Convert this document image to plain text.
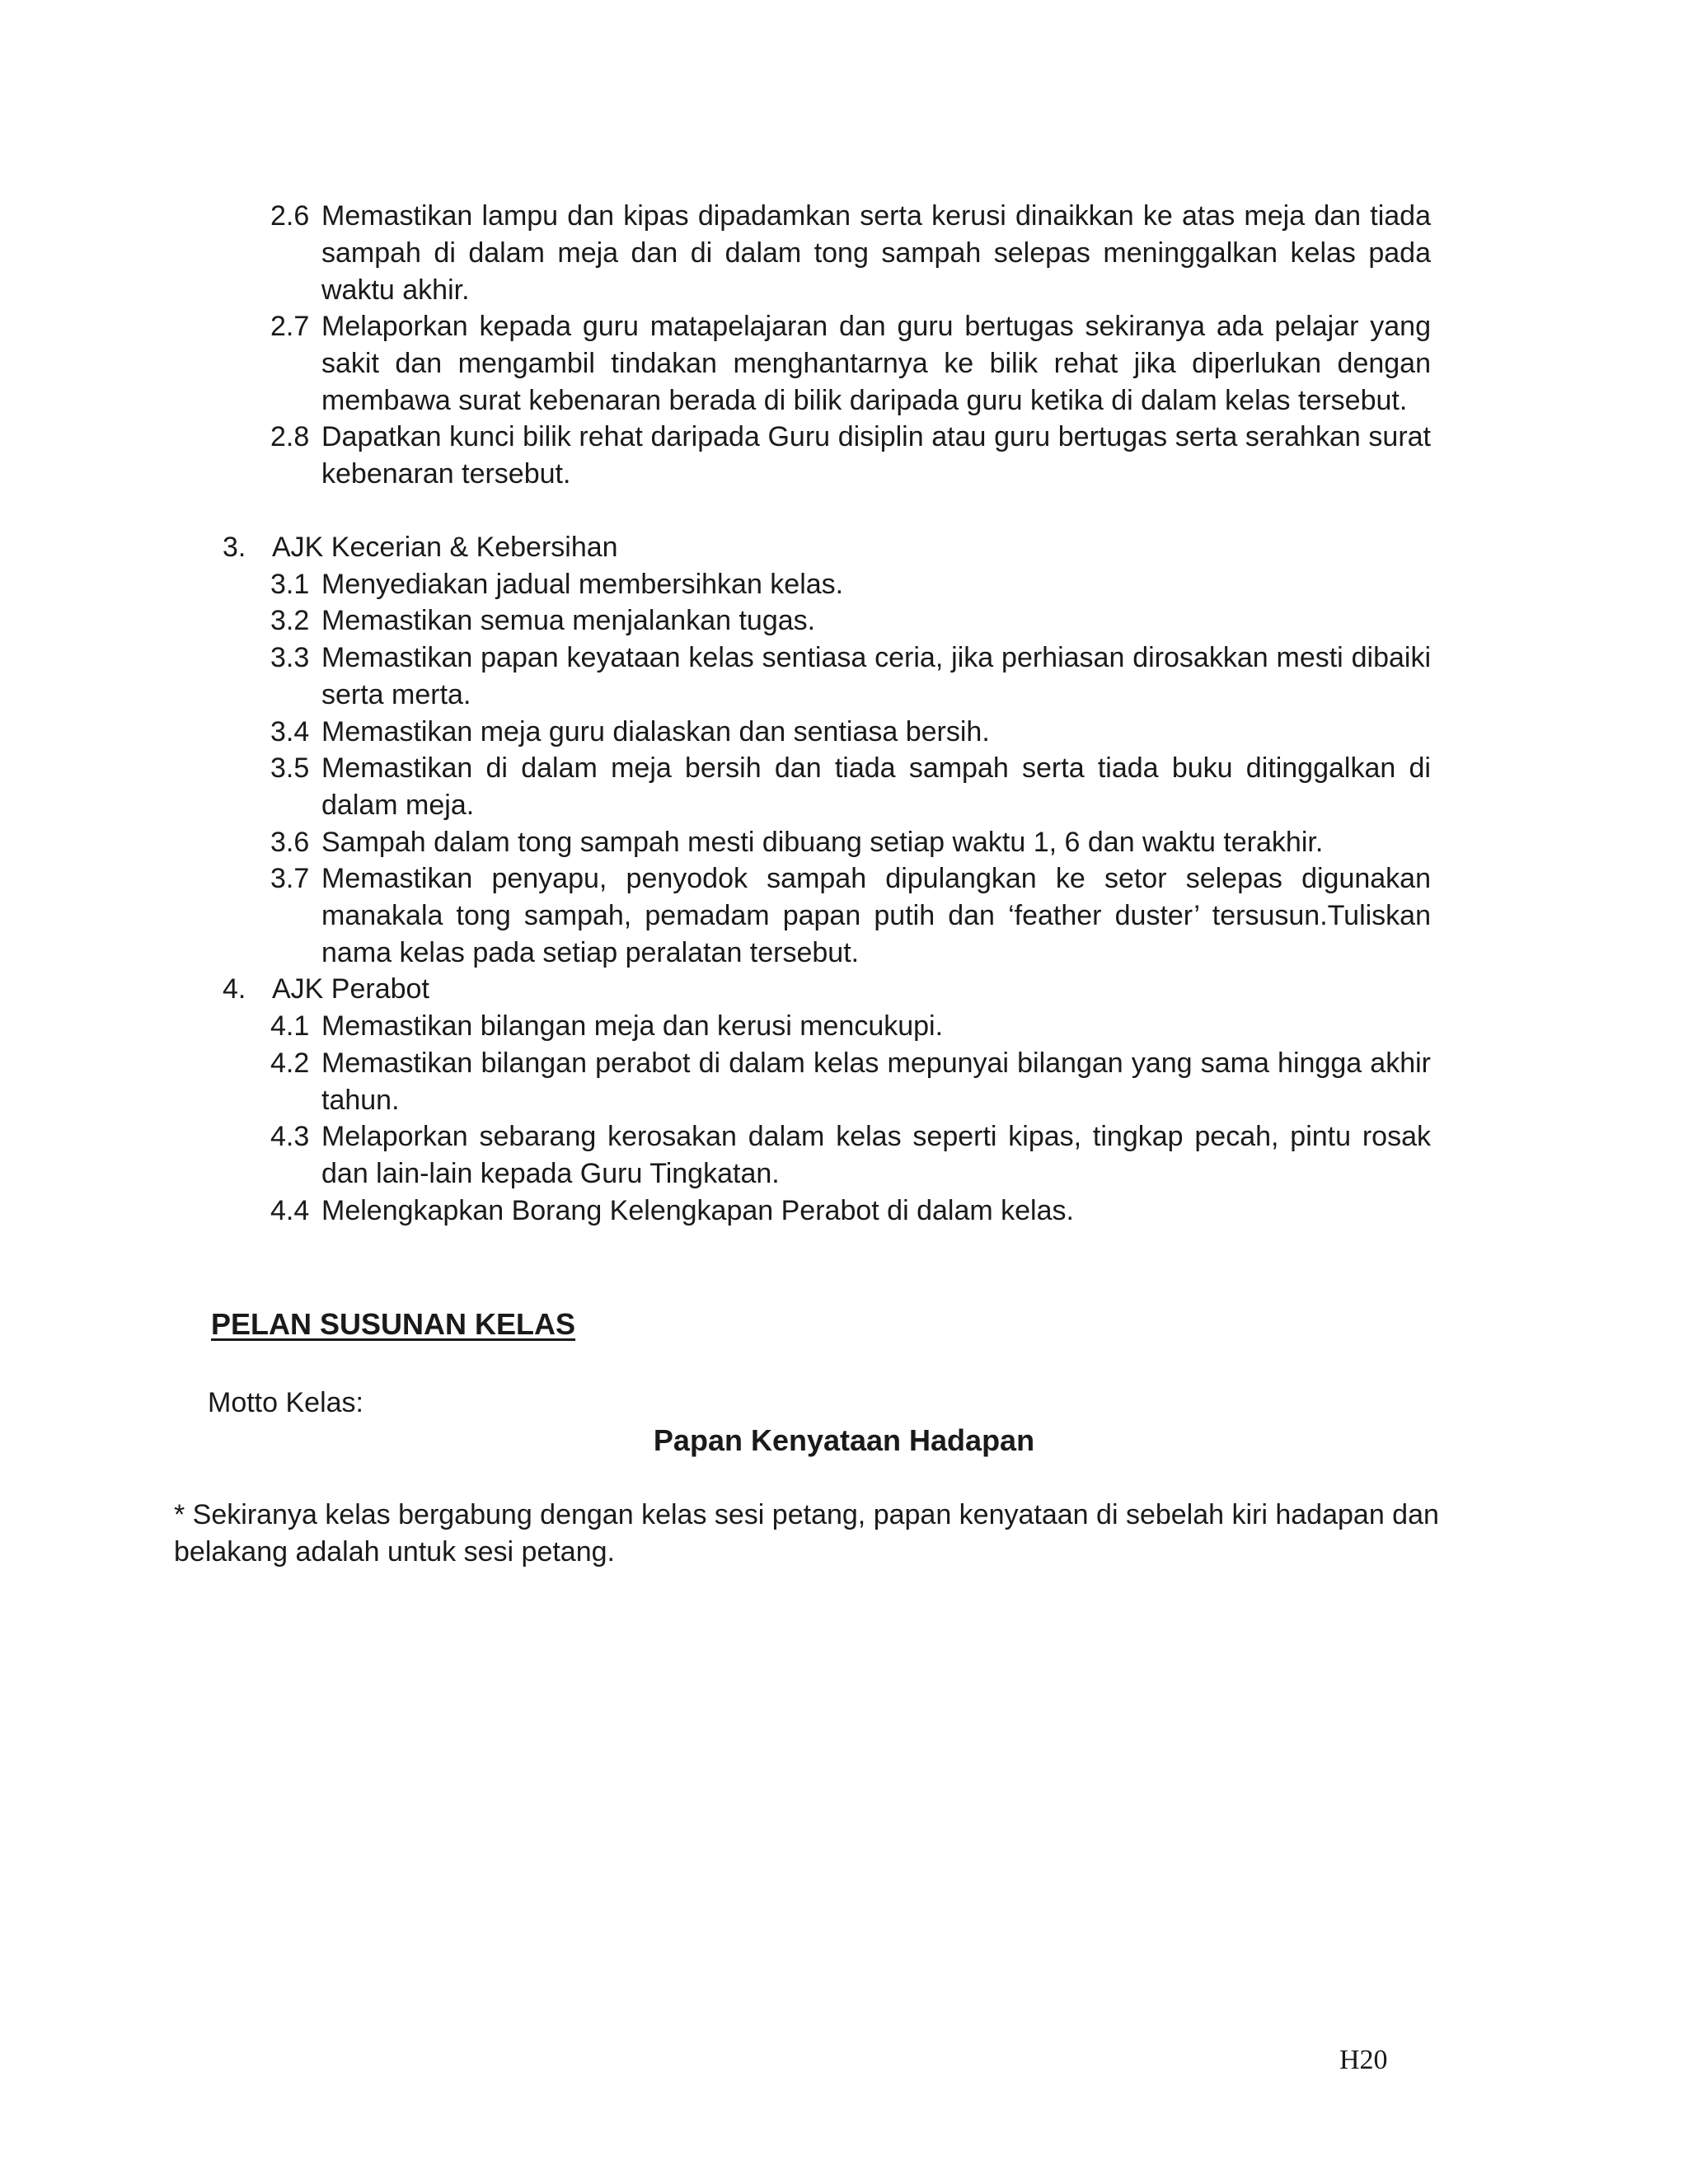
2.6 Memastikan lampu dan kipas dipadamkan serta kerusi dinaikkan ke atas meja dan tiada sampah di dalam meja dan di dalam tong sampah selepas meninggalkan kelas pada waktu akhir.
2.7 Melaporkan kepada guru matapelajaran dan guru bertugas sekiranya ada pelajar yang sakit dan mengambil tindakan menghantarnya ke bilik rehat jika diperlukan dengan membawa surat kebenaran berada di bilik daripada guru ketika di dalam kelas tersebut.
2.8 Dapatkan kunci bilik rehat daripada Guru disiplin atau guru bertugas serta serahkan surat kebenaran tersebut.
3. AJK Kecerian & Kebersihan
3.1 Menyediakan jadual membersihkan kelas.
3.2 Memastikan semua menjalankan tugas.
3.3 Memastikan papan keyataan kelas sentiasa ceria, jika perhiasan dirosakkan mesti dibaiki serta merta.
3.4 Memastikan meja guru dialaskan dan sentiasa bersih.
3.5 Memastikan di dalam meja bersih dan tiada sampah serta tiada buku ditinggalkan di dalam meja.
3.6 Sampah dalam tong sampah mesti dibuang setiap waktu 1, 6 dan waktu terakhir.
3.7 Memastikan penyapu, penyodok sampah dipulangkan ke setor selepas digunakan manakala tong sampah, pemadam papan putih dan ‘feather duster’ tersusun.Tuliskan nama kelas pada setiap peralatan tersebut.
4. AJK Perabot
4.1 Memastikan bilangan meja dan kerusi mencukupi.
4.2 Memastikan bilangan perabot di dalam kelas mepunyai bilangan yang sama hingga akhir tahun.
4.3 Melaporkan sebarang kerosakan dalam kelas seperti kipas, tingkap pecah, pintu rosak dan lain-lain kepada Guru Tingkatan.
4.4 Melengkapkan Borang Kelengkapan Perabot di dalam kelas.
PELAN SUSUNAN KELAS
Motto Kelas:
Papan Kenyataan Hadapan
* Sekiranya kelas bergabung dengan kelas sesi petang, papan kenyataan di sebelah kiri hadapan dan belakang adalah untuk sesi petang.
H20
